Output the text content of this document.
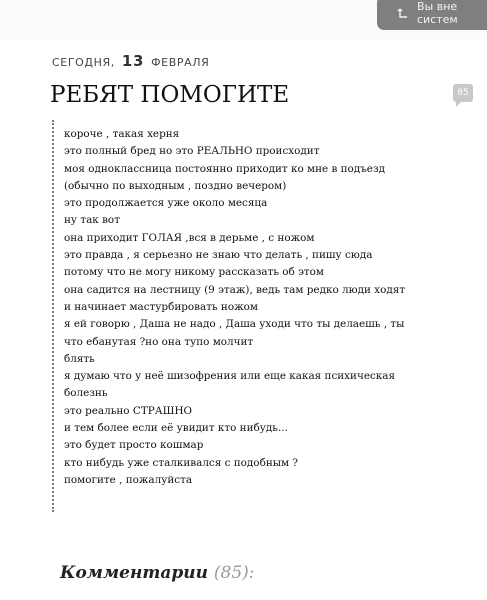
Вы вне систем
СЕГОДНЯ, 13 ФЕВРАЛЯ
РЕБЯТ ПОМОГИТЕ	85
короче , такая херня
это полный бред но это РЕАЛЬНО происходит
моя одноклассница постоянно приходит ко мне в подъезд
(обычно по выходным , поздно вечером)
это продолжается уже около месяца
ну так вот
она приходит ГОЛАЯ ,вся в дерьме , с ножом
это правда , я серьезно не знаю что делать , пишу сюда
потому что не могу никому рассказать об этом
она садится на лестницу (9 этаж), ведь там редко люди ходят
и начинает мастурбировать ножом
я ей говорю , Даша не надо , Даша уходи что ты делаешь , ты
что ебанутая ?но она тупо молчит
блять
я думаю что у неё шизофрения или еще какая психическая
болезнь
это реально СТРАШНО
и тем более если её увидит кто нибудь...
это будет просто кошмар
кто нибудь уже сталкивался с подобным ?
помогите , пожалуйста
Комментарии (85):
